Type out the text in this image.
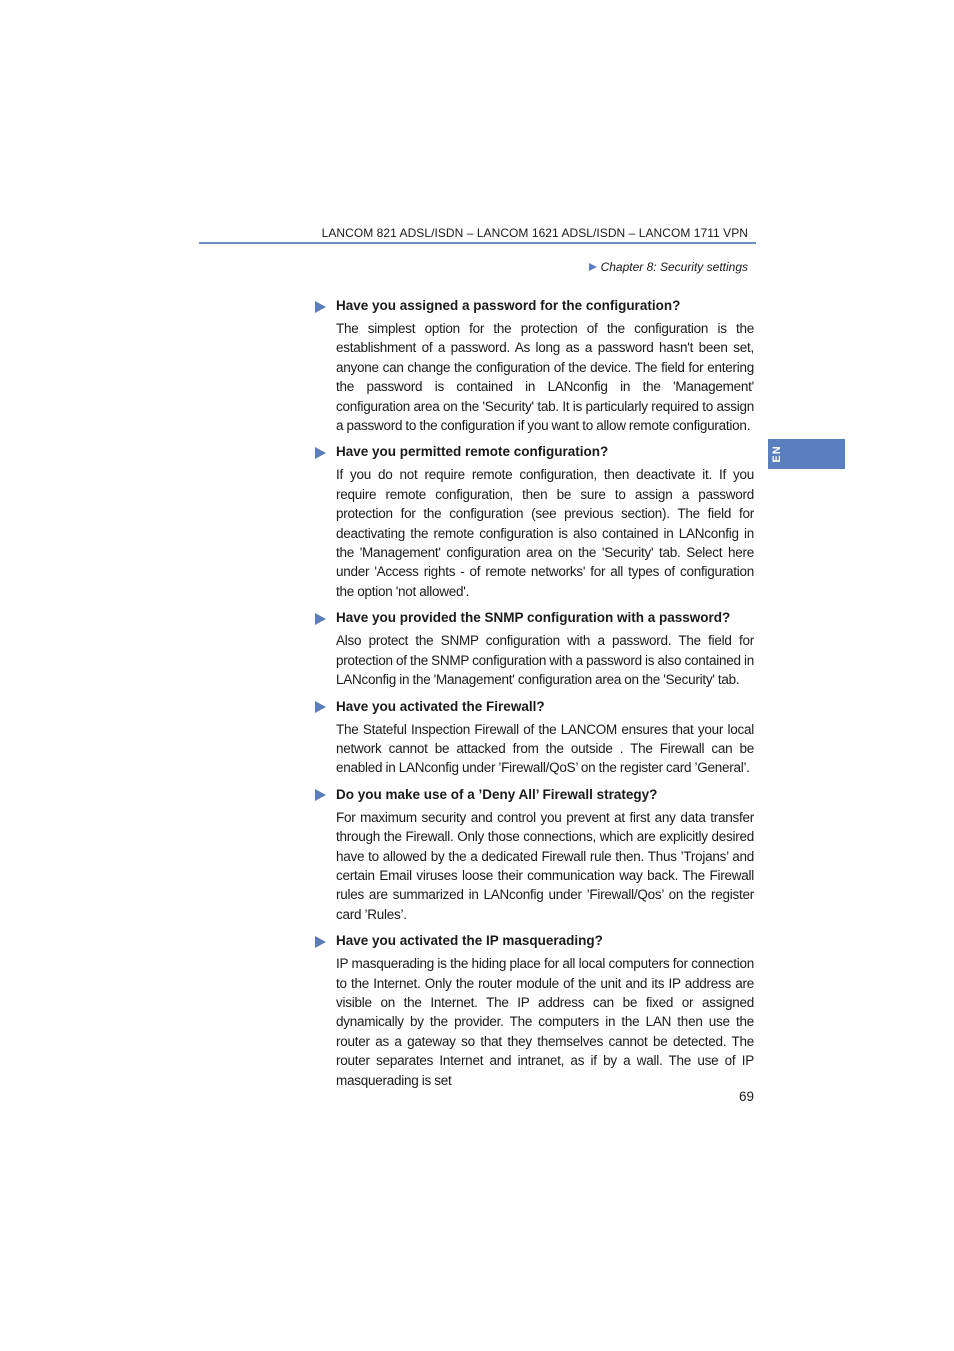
LANCOM 821 ADSL/ISDN – LANCOM 1621 ADSL/ISDN – LANCOM 1711 VPN
Chapter 8: Security settings
EN
Have you assigned a password for the configuration?

The simplest option for the protection of the configuration is the establishment of a password. As long as a password hasn't been set, anyone can change the configuration of the device. The field for entering the password is contained in LANconfig in the 'Management' configuration area on the 'Security' tab. It is particularly required to assign a password to the configuration if you want to allow remote configuration.

Have you permitted remote configuration?

If you do not require remote configuration, then deactivate it. If you require remote configuration, then be sure to assign a password protection for the configuration (see previous section). The field for deactivating the remote configuration is also contained in LANconfig in the 'Management' configuration area on the 'Security' tab. Select here under 'Access rights - of remote networks' for all types of configuration the option 'not allowed'.

Have you provided the SNMP configuration with a password?

Also protect the SNMP configuration with a password. The field for protection of the SNMP configuration with a password is also contained in LANconfig in the 'Management' configuration area on the 'Security' tab.

Have you activated the Firewall?

The Stateful Inspection Firewall of the LANCOM ensures that your local network cannot be attacked from the outside . The Firewall can be enabled in LANconfig under ’Firewall/QoS’ on the register card ’General’.

Do you make use of a ’Deny All’ Firewall strategy?

For maximum security and control you prevent at first any data transfer through the Firewall. Only those connections, which are explicitly desired have to allowed by the a dedicated Firewall rule then. Thus ’Trojans’ and certain Email viruses loose their communication way back. The Firewall rules are summarized in LANconfig under ’Firewall/Qos’ on the register card ’Rules’.

Have you activated the IP masquerading?

IP masquerading is the hiding place for all local computers for connection to the Internet. Only the router module of the unit and its IP address are visible on the Internet. The IP address can be fixed or assigned dynamically by the provider. The computers in the LAN then use the router as a gateway so that they themselves cannot be detected. The router separates Internet and intranet, as if by a wall. The use of IP masquerading is set

69
